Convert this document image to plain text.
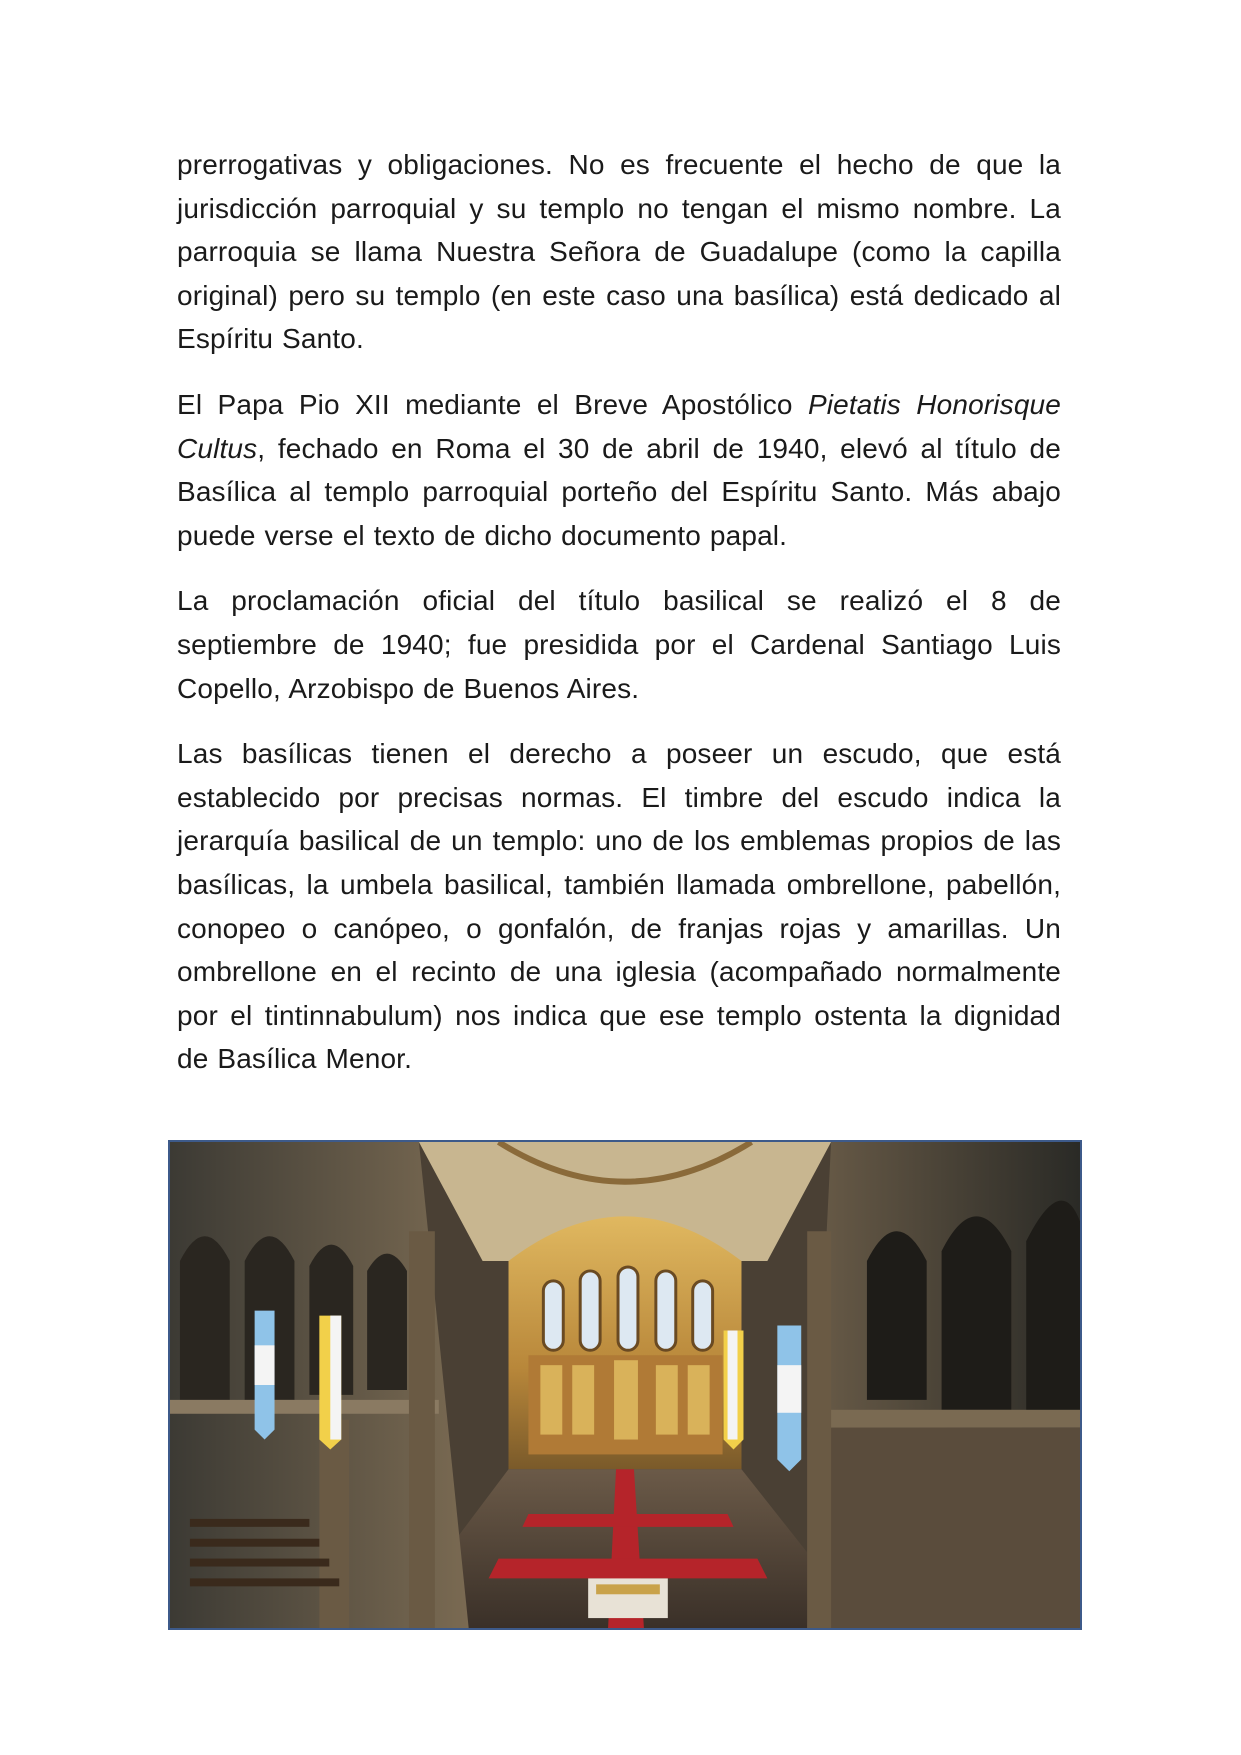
prerrogativas y obligaciones. No es frecuente el hecho de que la jurisdicción parroquial y su templo no tengan el mismo nombre. La parroquia se llama Nuestra Señora de Guadalupe (como la capilla original) pero su templo (en este caso una basílica) está dedicado al Espíritu Santo.

El Papa Pio XII mediante el Breve Apostólico Pietatis Honorisque Cultus, fechado en Roma el 30 de abril de 1940, elevó al título de Basílica al templo parroquial porteño del Espíritu Santo. Más abajo puede verse el texto de dicho documento papal.

La proclamación oficial del título basilical se realizó el 8 de septiembre de 1940; fue presidida por el Cardenal Santiago Luis Copello, Arzobispo de Buenos Aires.

Las basílicas tienen el derecho a poseer un escudo, que está establecido por precisas normas. El timbre del escudo indica la jerarquía basilical de un templo: uno de los emblemas propios de las basílicas, la umbela basilical, también llamada ombrellone, pabellón, conopeo o canópeo, o gonfalón, de franjas rojas y amarillas. Un ombrellone en el recinto de una iglesia (acompañado normalmente por el tintinnabulum) nos indica que ese templo ostenta la dignidad de Basílica Menor.
